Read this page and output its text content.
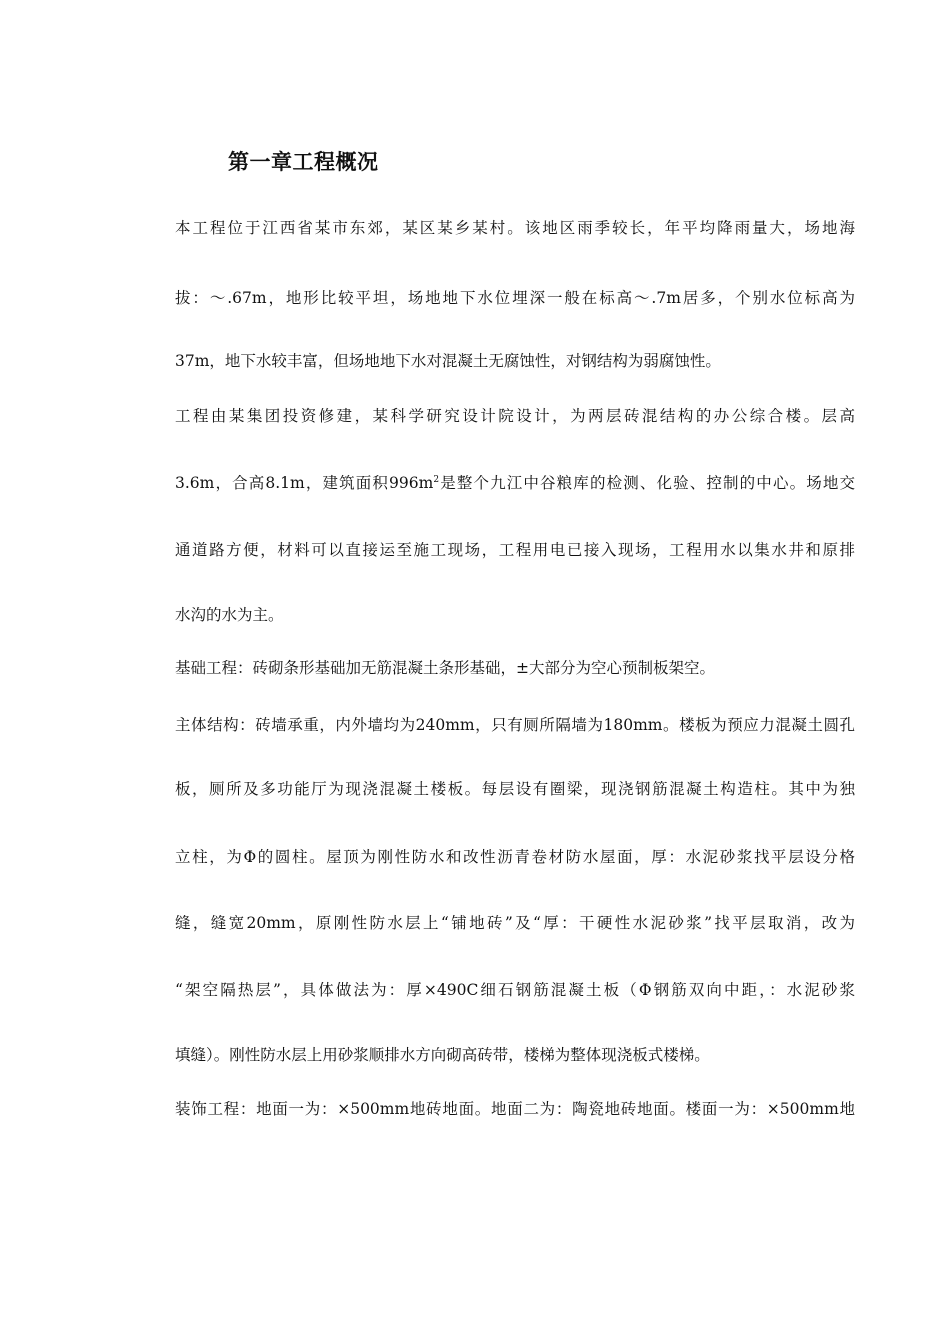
第一章工程概况

本工程位于江西省某市东郊，某区某乡某村。该地区雨季较长，年平均降雨量大，场地海

拔：～.67m，地形比较平坦，场地地下水位埋深一般在标高～.7m居多，个别水位标高为

37m，地下水较丰富，但场地地下水对混凝土无腐蚀性，对钢结构为弱腐蚀性。

工程由某集团投资修建，某科学研究设计院设计，为两层砖混结构的办公综合楼。层高

3.6m，合高8.1m，建筑面积$996m^2$是整个九江中谷粮库的检测、化验、控制的中心。场地交

通道路方便，材料可以直接运至施工现场，工程用电已接入现场，工程用水以集水井和原排

水沟的水为主。

基础工程：砖砌条形基础加无筋混凝土条形基础，±大部分为空心预制板架空。

主体结构：砖墙承重，内外墙均为240mm，只有厕所隔墙为180mm。楼板为预应力混凝土圆孔

板，厕所及多功能厅为现浇混凝土楼板。每层设有圈梁，现浇钢筋混凝土构造柱。其中为独

立柱，为Φ的圆柱。屋顶为刚性防水和改性沥青卷材防水屋面，厚：水泥砂浆找平层设分格

缝，缝宽20mm，原刚性防水层上“铺地砖”及“厚：干硬性水泥砂浆”找平层取消，改为

“架空隔热层”，具体做法为：厚×490C细石钢筋混凝土板（Φ钢筋双向中距，：水泥砂浆

填缝）。刚性防水层上用砂浆顺排水方向砌高砖带，楼梯为整体现浇板式楼梯。

装饰工程：地面一为：×500mm地砖地面。地面二为：陶瓷地砖地面。楼面一为：×500mm地
